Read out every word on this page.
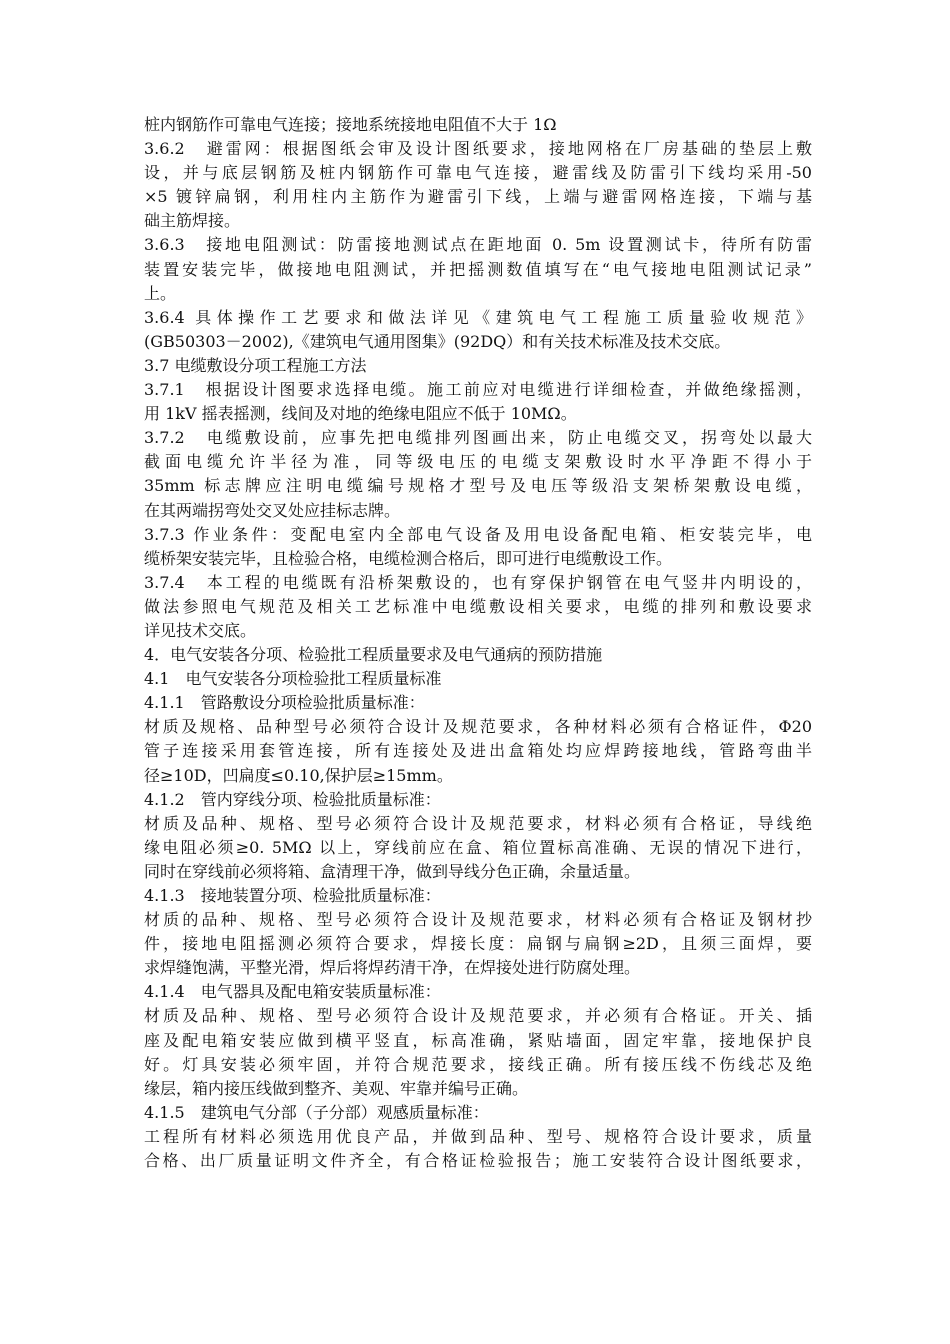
桩内钢筋作可靠电气连接；接地系统接地电阻值不大于 1Ω
3.6.2　避雷网：根据图纸会审及设计图纸要求，接地网格在厂房基础的垫层上敷
设，并与底层钢筋及桩内钢筋作可靠电气连接，避雷线及防雷引下线均采用-50
×5 镀锌扁钢，利用柱内主筋作为避雷引下线，上端与避雷网格连接，下端与基
础主筋焊接。
3.6.3　接地电阻测试：防雷接地测试点在距地面 0. 5m 设置测试卡，待所有防雷
装置安装完毕，做接地电阻测试，并把摇测数值填写在“电气接地电阻测试记录”
上。
3.6.4 具体操作工艺要求和做法详见《建筑电气工程施工质量验收规范》
(GB50303－2002),《建筑电气通用图集》(92DQ）和有关技术标准及技术交底。
3.7 电缆敷设分项工程施工方法
3.7.1　根据设计图要求选择电缆。施工前应对电缆进行详细检查，并做绝缘摇测，
用 1kV 摇表摇测，线间及对地的绝缘电阻应不低于 10MΩ。
3.7.2　电缆敷设前，应事先把电缆排列图画出来，防止电缆交叉，拐弯处以最大
截面电缆允许半径为准，同等级电压的电缆支架敷设时水平净距不得小于
35mm 标志牌应注明电缆编号规格才型号及电压等级沿支架桥架敷设电缆，
在其两端拐弯处交叉处应挂标志牌。
3.7.3 作业条件：变配电室内全部电气设备及用电设备配电箱、柜安装完毕，电
缆桥架安装完毕，且检验合格，电缆检测合格后，即可进行电缆敷设工作。
3.7.4　本工程的电缆既有沿桥架敷设的，也有穿保护钢管在电气竖井内明设的，
做法参照电气规范及相关工艺标准中电缆敷设相关要求，电缆的排列和敷设要求
详见技术交底。
4．电气安装各分项、检验批工程质量要求及电气通病的预防措施
4.1　电气安装各分项检验批工程质量标准
4.1.1　管路敷设分项检验批质量标准：
材质及规格、品种型号必须符合设计及规范要求，各种材料必须有合格证件，Φ20
管子连接采用套管连接，所有连接处及进出盒箱处均应焊跨接地线，管路弯曲半
径≥10D，凹扁度≤0.10,保护层≥15mm。
4.1.2　管内穿线分项、检验批质量标准：
材质及品种、规格、型号必须符合设计及规范要求，材料必须有合格证，导线绝
缘电阻必须≥0. 5MΩ 以上，穿线前应在盒、箱位置标高准确、无误的情况下进行，
同时在穿线前必须将箱、盒清理干净，做到导线分色正确，余量适量。
4.1.3　接地装置分项、检验批质量标准：
材质的品种、规格、型号必须符合设计及规范要求，材料必须有合格证及钢材抄
件，接地电阻摇测必须符合要求，焊接长度：扁钢与扁钢≥2D，且须三面焊，要
求焊缝饱满，平整光滑，焊后将焊药清干净，在焊接处进行防腐处理。
4.1.4　电气器具及配电箱安装质量标准：
材质及品种、规格、型号必须符合设计及规范要求，并必须有合格证。开关、插
座及配电箱安装应做到横平竖直，标高准确，紧贴墙面，固定牢靠，接地保护良
好。灯具安装必须牢固，并符合规范要求，接线正确。所有接压线不伤线芯及绝
缘层，箱内接压线做到整齐、美观、牢靠并编号正确。
4.1.5　建筑电气分部（子分部）观感质量标准：
工程所有材料必须选用优良产品，并做到品种、型号、规格符合设计要求，质量
合格、出厂质量证明文件齐全，有合格证检验报告；施工安装符合设计图纸要求，
